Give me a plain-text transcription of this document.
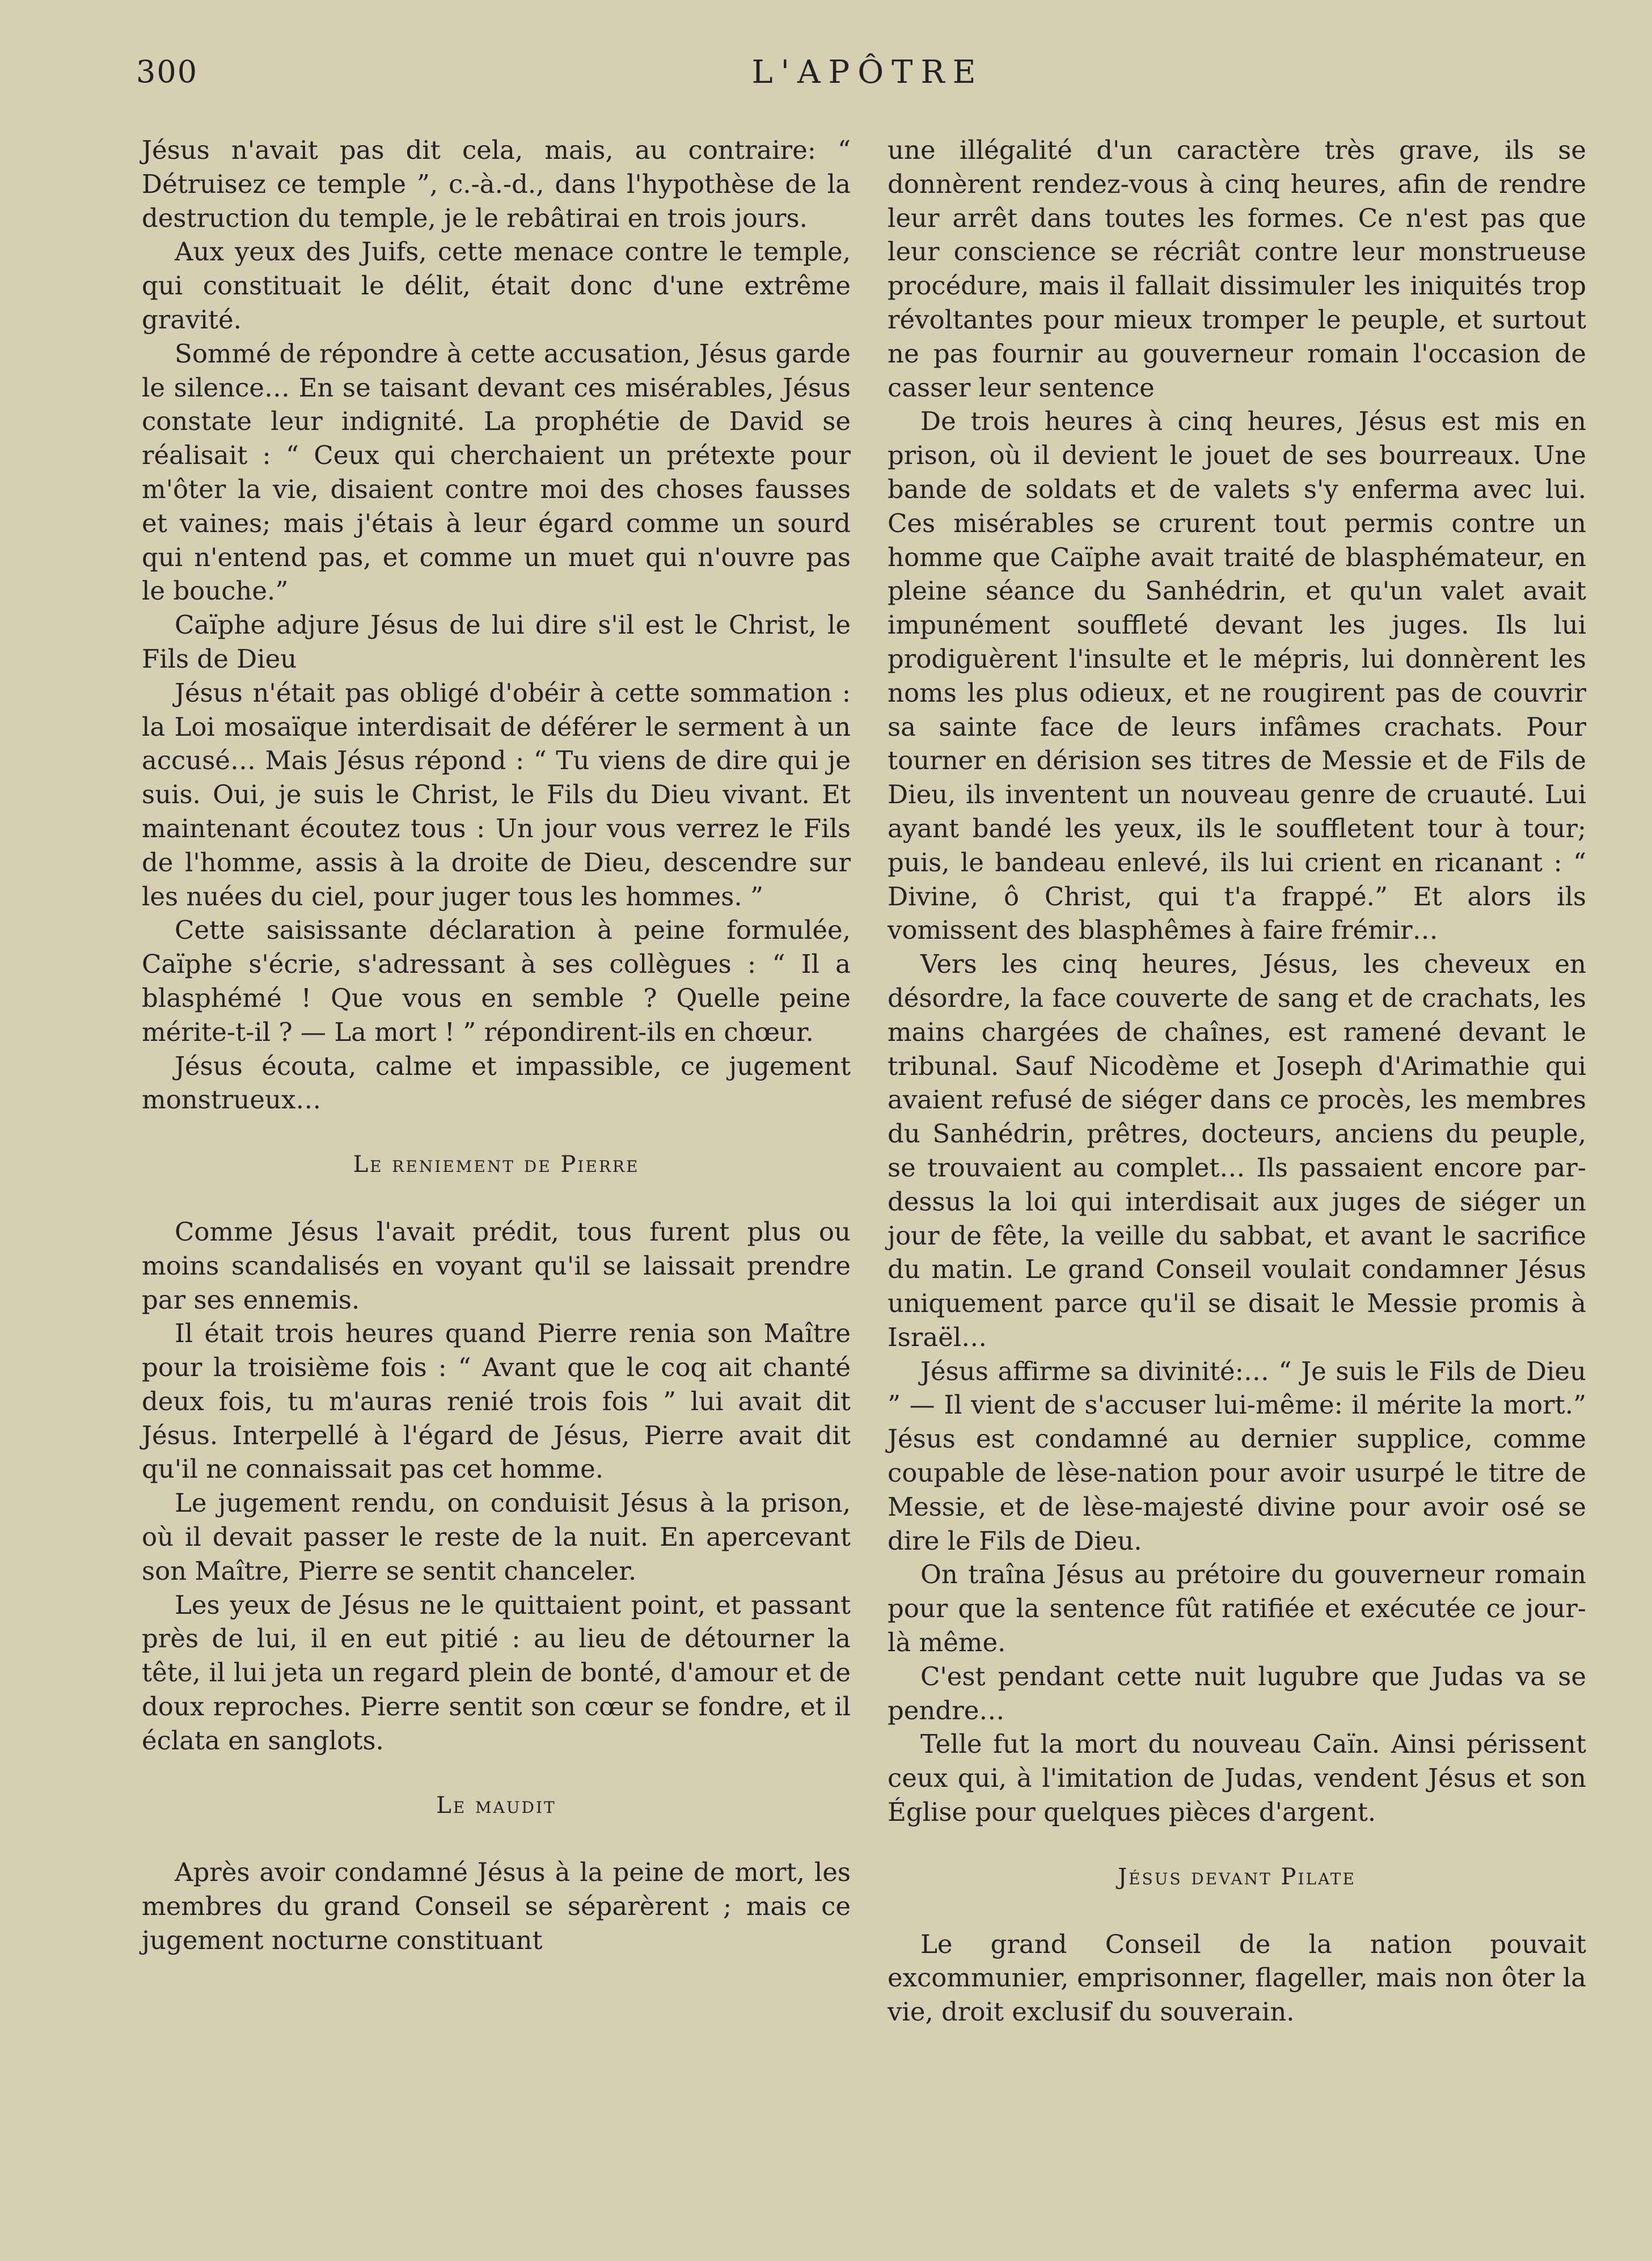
300	L'APÔTRE

Jésus n'avait pas dit cela, mais, au contraire: “ Détruisez ce temple ”, c.-à.-d., dans l'hypothèse de la destruction du temple, je le rebâtirai en trois jours.

Aux yeux des Juifs, cette menace contre le temple, qui constituait le délit, était donc d'une extrême gravité.

Sommé de répondre à cette accusation, Jésus garde le silence… En se taisant devant ces misérables, Jésus constate leur indignité. La prophétie de David se réalisait : “ Ceux qui cherchaient un prétexte pour m'ôter la vie, disaient contre moi des choses fausses et vaines; mais j'étais à leur égard comme un sourd qui n'entend pas, et comme un muet qui n'ouvre pas le bouche.”

Caïphe adjure Jésus de lui dire s'il est le Christ, le Fils de Dieu

Jésus n'était pas obligé d'obéir à cette sommation : la Loi mosaïque interdisait de déférer le serment à un accusé… Mais Jésus répond : “ Tu viens de dire qui je suis. Oui, je suis le Christ, le Fils du Dieu vivant. Et maintenant écoutez tous : Un jour vous verrez le Fils de l'homme, assis à la droite de Dieu, descendre sur les nuées du ciel, pour juger tous les hommes. ”

Cette saisissante déclaration à peine formulée, Caïphe s'écrie, s'adressant à ses collègues : “ Il a blasphémé ! Que vous en semble ? Quelle peine mérite-t-il ? — La mort ! ” répondirent-ils en chœur.

Jésus écouta, calme et impassible, ce jugement monstrueux…

Le reniement de Pierre

Comme Jésus l'avait prédit, tous furent plus ou moins scandalisés en voyant qu'il se laissait prendre par ses ennemis.

Il était trois heures quand Pierre renia son Maître pour la troisième fois : “ Avant que le coq ait chanté deux fois, tu m'auras renié trois fois ” lui avait dit Jésus. Interpellé à l'égard de Jésus, Pierre avait dit qu'il ne connaissait pas cet homme.

Le jugement rendu, on conduisit Jésus à la prison, où il devait passer le reste de la nuit. En apercevant son Maître, Pierre se sentit chanceler.

Les yeux de Jésus ne le quittaient point, et passant près de lui, il en eut pitié : au lieu de détourner la tête, il lui jeta un regard plein de bonté, d'amour et de doux reproches. Pierre sentit son cœur se fondre, et il éclata en sanglots.

Le maudit

Après avoir condamné Jésus à la peine de mort, les membres du grand Conseil se séparèrent ; mais ce jugement nocturne constituant

une illégalité d'un caractère très grave, ils se donnèrent rendez-vous à cinq heures, afin de rendre leur arrêt dans toutes les formes. Ce n'est pas que leur conscience se récriât contre leur monstrueuse procédure, mais il fallait dissimuler les iniquités trop révoltantes pour mieux tromper le peuple, et surtout ne pas fournir au gouverneur romain l'occasion de casser leur sentence

De trois heures à cinq heures, Jésus est mis en prison, où il devient le jouet de ses bourreaux. Une bande de soldats et de valets s'y enferma avec lui. Ces misérables se crurent tout permis contre un homme que Caïphe avait traité de blasphémateur, en pleine séance du Sanhédrin, et qu'un valet avait impunément souffleté devant les juges. Ils lui prodiguèrent l'insulte et le mépris, lui donnèrent les noms les plus odieux, et ne rougirent pas de couvrir sa sainte face de leurs infâmes crachats. Pour tourner en dérision ses titres de Messie et de Fils de Dieu, ils inventent un nouveau genre de cruauté. Lui ayant bandé les yeux, ils le souffletent tour à tour; puis, le bandeau enlevé, ils lui crient en ricanant : “ Divine, ô Christ, qui t'a frappé.” Et alors ils vomissent des blasphêmes à faire frémir…

Vers les cinq heures, Jésus, les cheveux en désordre, la face couverte de sang et de crachats, les mains chargées de chaînes, est ramené devant le tribunal. Sauf Nicodème et Joseph d'Arimathie qui avaient refusé de siéger dans ce procès, les membres du Sanhédrin, prêtres, docteurs, anciens du peuple, se trouvaient au complet… Ils passaient encore par-dessus la loi qui interdisait aux juges de siéger un jour de fête, la veille du sabbat, et avant le sacrifice du matin. Le grand Conseil voulait condamner Jésus uniquement parce qu'il se disait le Messie promis à Israël…

Jésus affirme sa divinité:… “ Je suis le Fils de Dieu ” — Il vient de s'accuser lui-même: il mérite la mort.” Jésus est condamné au dernier supplice, comme coupable de lèse-nation pour avoir usurpé le titre de Messie, et de lèse-majesté divine pour avoir osé se dire le Fils de Dieu.

On traîna Jésus au prétoire du gouverneur romain pour que la sentence fût ratifiée et exécutée ce jour-là même.

C'est pendant cette nuit lugubre que Judas va se pendre…

Telle fut la mort du nouveau Caïn. Ainsi périssent ceux qui, à l'imitation de Judas, vendent Jésus et son Église pour quelques pièces d'argent.

Jésus devant Pilate

Le grand Conseil de la nation pouvait excommunier, emprisonner, flageller, mais non ôter la vie, droit exclusif du souverain.
